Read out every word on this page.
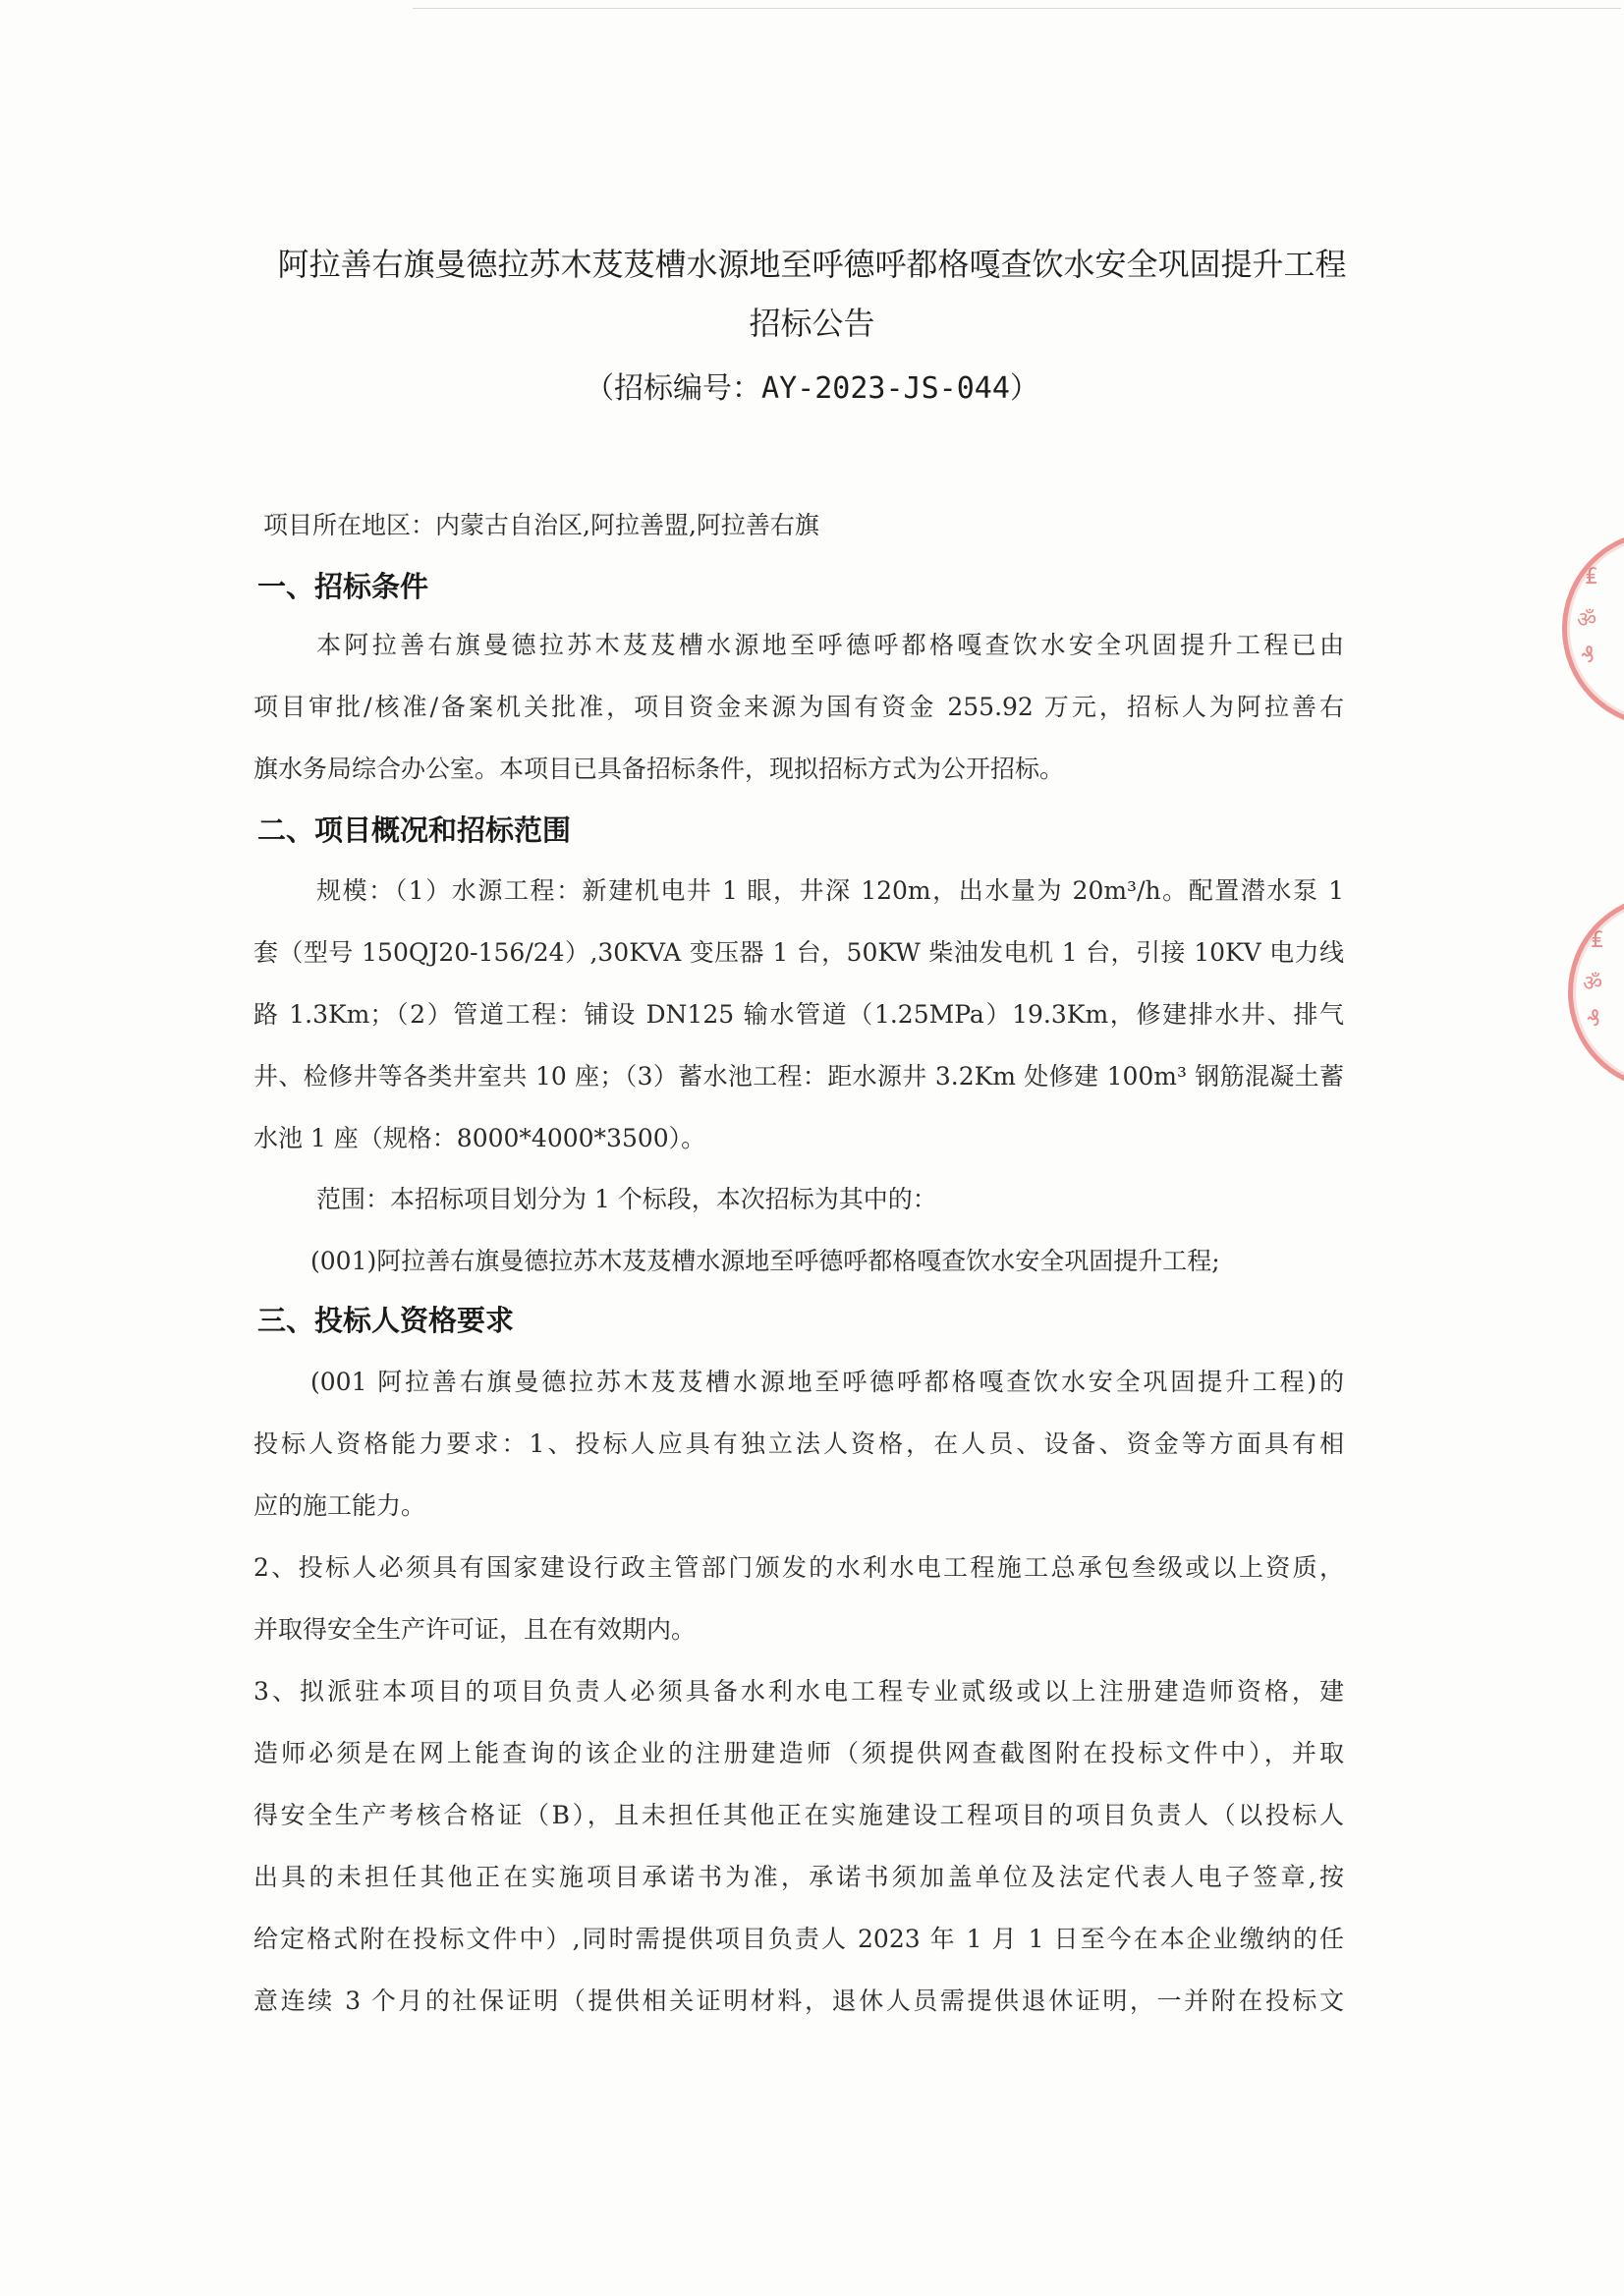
₤
ॐ
₰
₤
ॐ
₰
阿拉善右旗曼德拉苏木芨芨槽水源地至呼德呼都格嘎查饮水安全巩固提升工程
招标公告
（招标编号：AY-2023-JS-044）
项目所在地区：内蒙古自治区,阿拉善盟,阿拉善右旗
一、招标条件
本阿拉善右旗曼德拉苏木芨芨槽水源地至呼德呼都格嘎查饮水安全巩固提升工程已由
项目审批/核准/备案机关批准，项目资金来源为国有资金 255.92 万元，招标人为阿拉善右
旗水务局综合办公室。本项目已具备招标条件，现拟招标方式为公开招标。
二、项目概况和招标范围
规模：（1）水源工程：新建机电井 1 眼，井深 120m，出水量为 20m³/h。配置潜水泵 1
套（型号 150QJ20-156/24）,30KVA 变压器 1 台，50KW 柴油发电机 1 台，引接 10KV 电力线
路 1.3Km；（2）管道工程：铺设 DN125 输水管道（1.25MPa）19.3Km，修建排水井、排气
井、检修井等各类井室共 10 座；（3）蓄水池工程：距水源井 3.2Km 处修建 100m³ 钢筋混凝土蓄
水池 1 座（规格：8000*4000*3500）。
范围：本招标项目划分为 1 个标段，本次招标为其中的：
(001)阿拉善右旗曼德拉苏木芨芨槽水源地至呼德呼都格嘎查饮水安全巩固提升工程;
三、投标人资格要求
(001 阿拉善右旗曼德拉苏木芨芨槽水源地至呼德呼都格嘎查饮水安全巩固提升工程)的
投标人资格能力要求：1、投标人应具有独立法人资格，在人员、设备、资金等方面具有相
应的施工能力。
2、投标人必须具有国家建设行政主管部门颁发的水利水电工程施工总承包叁级或以上资质，
并取得安全生产许可证，且在有效期内。
3、拟派驻本项目的项目负责人必须具备水利水电工程专业贰级或以上注册建造师资格，建
造师必须是在网上能查询的该企业的注册建造师（须提供网查截图附在投标文件中），并取
得安全生产考核合格证（B），且未担任其他正在实施建设工程项目的项目负责人（以投标人
出具的未担任其他正在实施项目承诺书为准，承诺书须加盖单位及法定代表人电子签章,按
给定格式附在投标文件中）,同时需提供项目负责人 2023 年 1 月 1 日至今在本企业缴纳的任
意连续 3 个月的社保证明（提供相关证明材料，退休人员需提供退休证明，一并附在投标文
